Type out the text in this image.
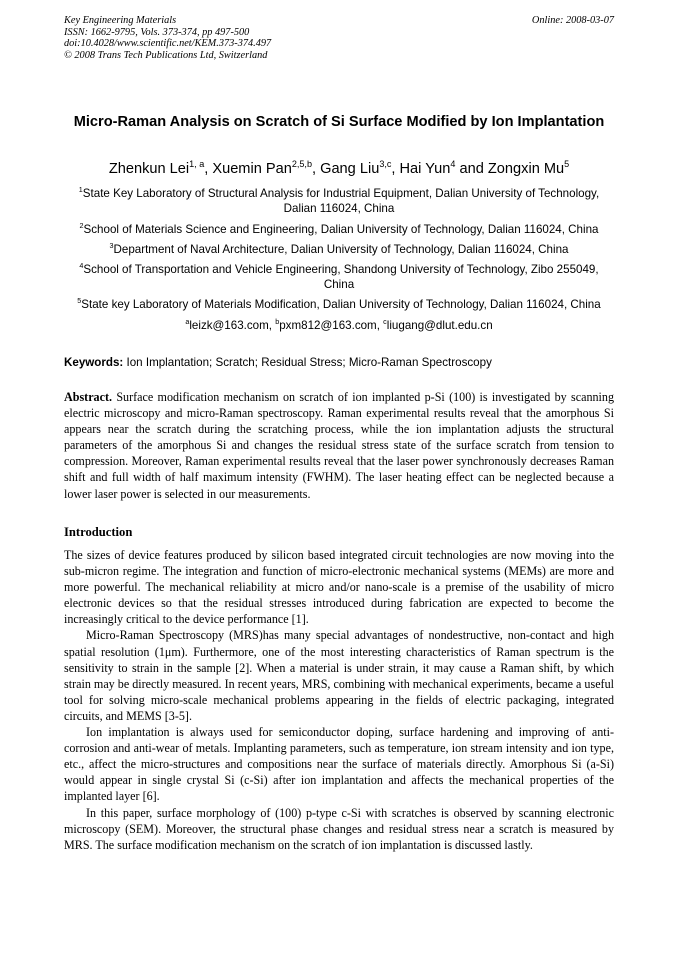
Key Engineering Materials
ISSN: 1662-9795, Vols. 373-374, pp 497-500
doi:10.4028/www.scientific.net/KEM.373-374.497
© 2008 Trans Tech Publications Ltd, Switzerland
Online: 2008-03-07
Micro-Raman Analysis on Scratch of Si Surface Modified by Ion Implantation
Zhenkun Lei$^{1, a}$, Xuemin Pan$^{2,5,b}$, Gang Liu$^{3,c}$, Hai Yun$^4$ and Zongxin Mu$^5$
$^1$State Key Laboratory of Structural Analysis for Industrial Equipment, Dalian University of Technology, Dalian 116024, China
$^2$School of Materials Science and Engineering, Dalian University of Technology, Dalian 116024, China
$^3$Department of Naval Architecture, Dalian University of Technology, Dalian 116024, China
$^4$School of Transportation and Vehicle Engineering, Shandong University of Technology, Zibo 255049, China
$^5$State key Laboratory of Materials Modification, Dalian University of Technology, Dalian 116024, China
$^a$leizk@163.com, $^b$pxm812@163.com, $^c$liugang@dlut.edu.cn
Keywords: Ion Implantation; Scratch; Residual Stress; Micro-Raman Spectroscopy
Abstract. Surface modification mechanism on scratch of ion implanted p-Si (100) is investigated by scanning electric microscopy and micro-Raman spectroscopy. Raman experimental results reveal that the amorphous Si appears near the scratch during the scratching process, while the ion implantation adjusts the structural parameters of the amorphous Si and changes the residual stress state of the surface scratch from tension to compression. Moreover, Raman experimental results reveal that the laser power synchronously decreases Raman shift and full width of half maximum intensity (FWHM). The laser heating effect can be neglected because a lower laser power is selected in our measurements.
Introduction

The sizes of device features produced by silicon based integrated circuit technologies are now moving into the sub-micron regime. The integration and function of micro-electronic mechanical systems (MEMs) are more and more powerful. The mechanical reliability at micro and/or nano-scale is a premise of the usability of micro electronic devices so that the residual stresses introduced during fabrication are expected to become the increasingly critical to the device performance [1].

Micro-Raman Spectroscopy (MRS)has many special advantages of nondestructive, non-contact and high spatial resolution (1μm). Furthermore, one of the most interesting characteristics of Raman spectrum is the sensitivity to strain in the sample [2]. When a material is under strain, it may cause a Raman shift, by which strain may be directly measured. In recent years, MRS, combining with mechanical experiments, became a useful tool for solving micro-scale mechanical problems appearing in the fields of electric packaging, integrated circuits, and MEMS [3-5].

Ion implantation is always used for semiconductor doping, surface hardening and improving of anti-corrosion and anti-wear of metals. Implanting parameters, such as temperature, ion stream intensity and ion type, etc., affect the micro-structures and compositions near the surface of materials directly. Amorphous Si (a-Si) would appear in single crystal Si (c-Si) after ion implantation and affects the mechanical properties of the implanted layer [6].

In this paper, surface morphology of (100) p-type c-Si with scratches is observed by scanning electronic microscopy (SEM). Moreover, the structural phase changes and residual stress near a scratch is measured by MRS. The surface modification mechanism on the scratch of ion implantation is discussed lastly.
